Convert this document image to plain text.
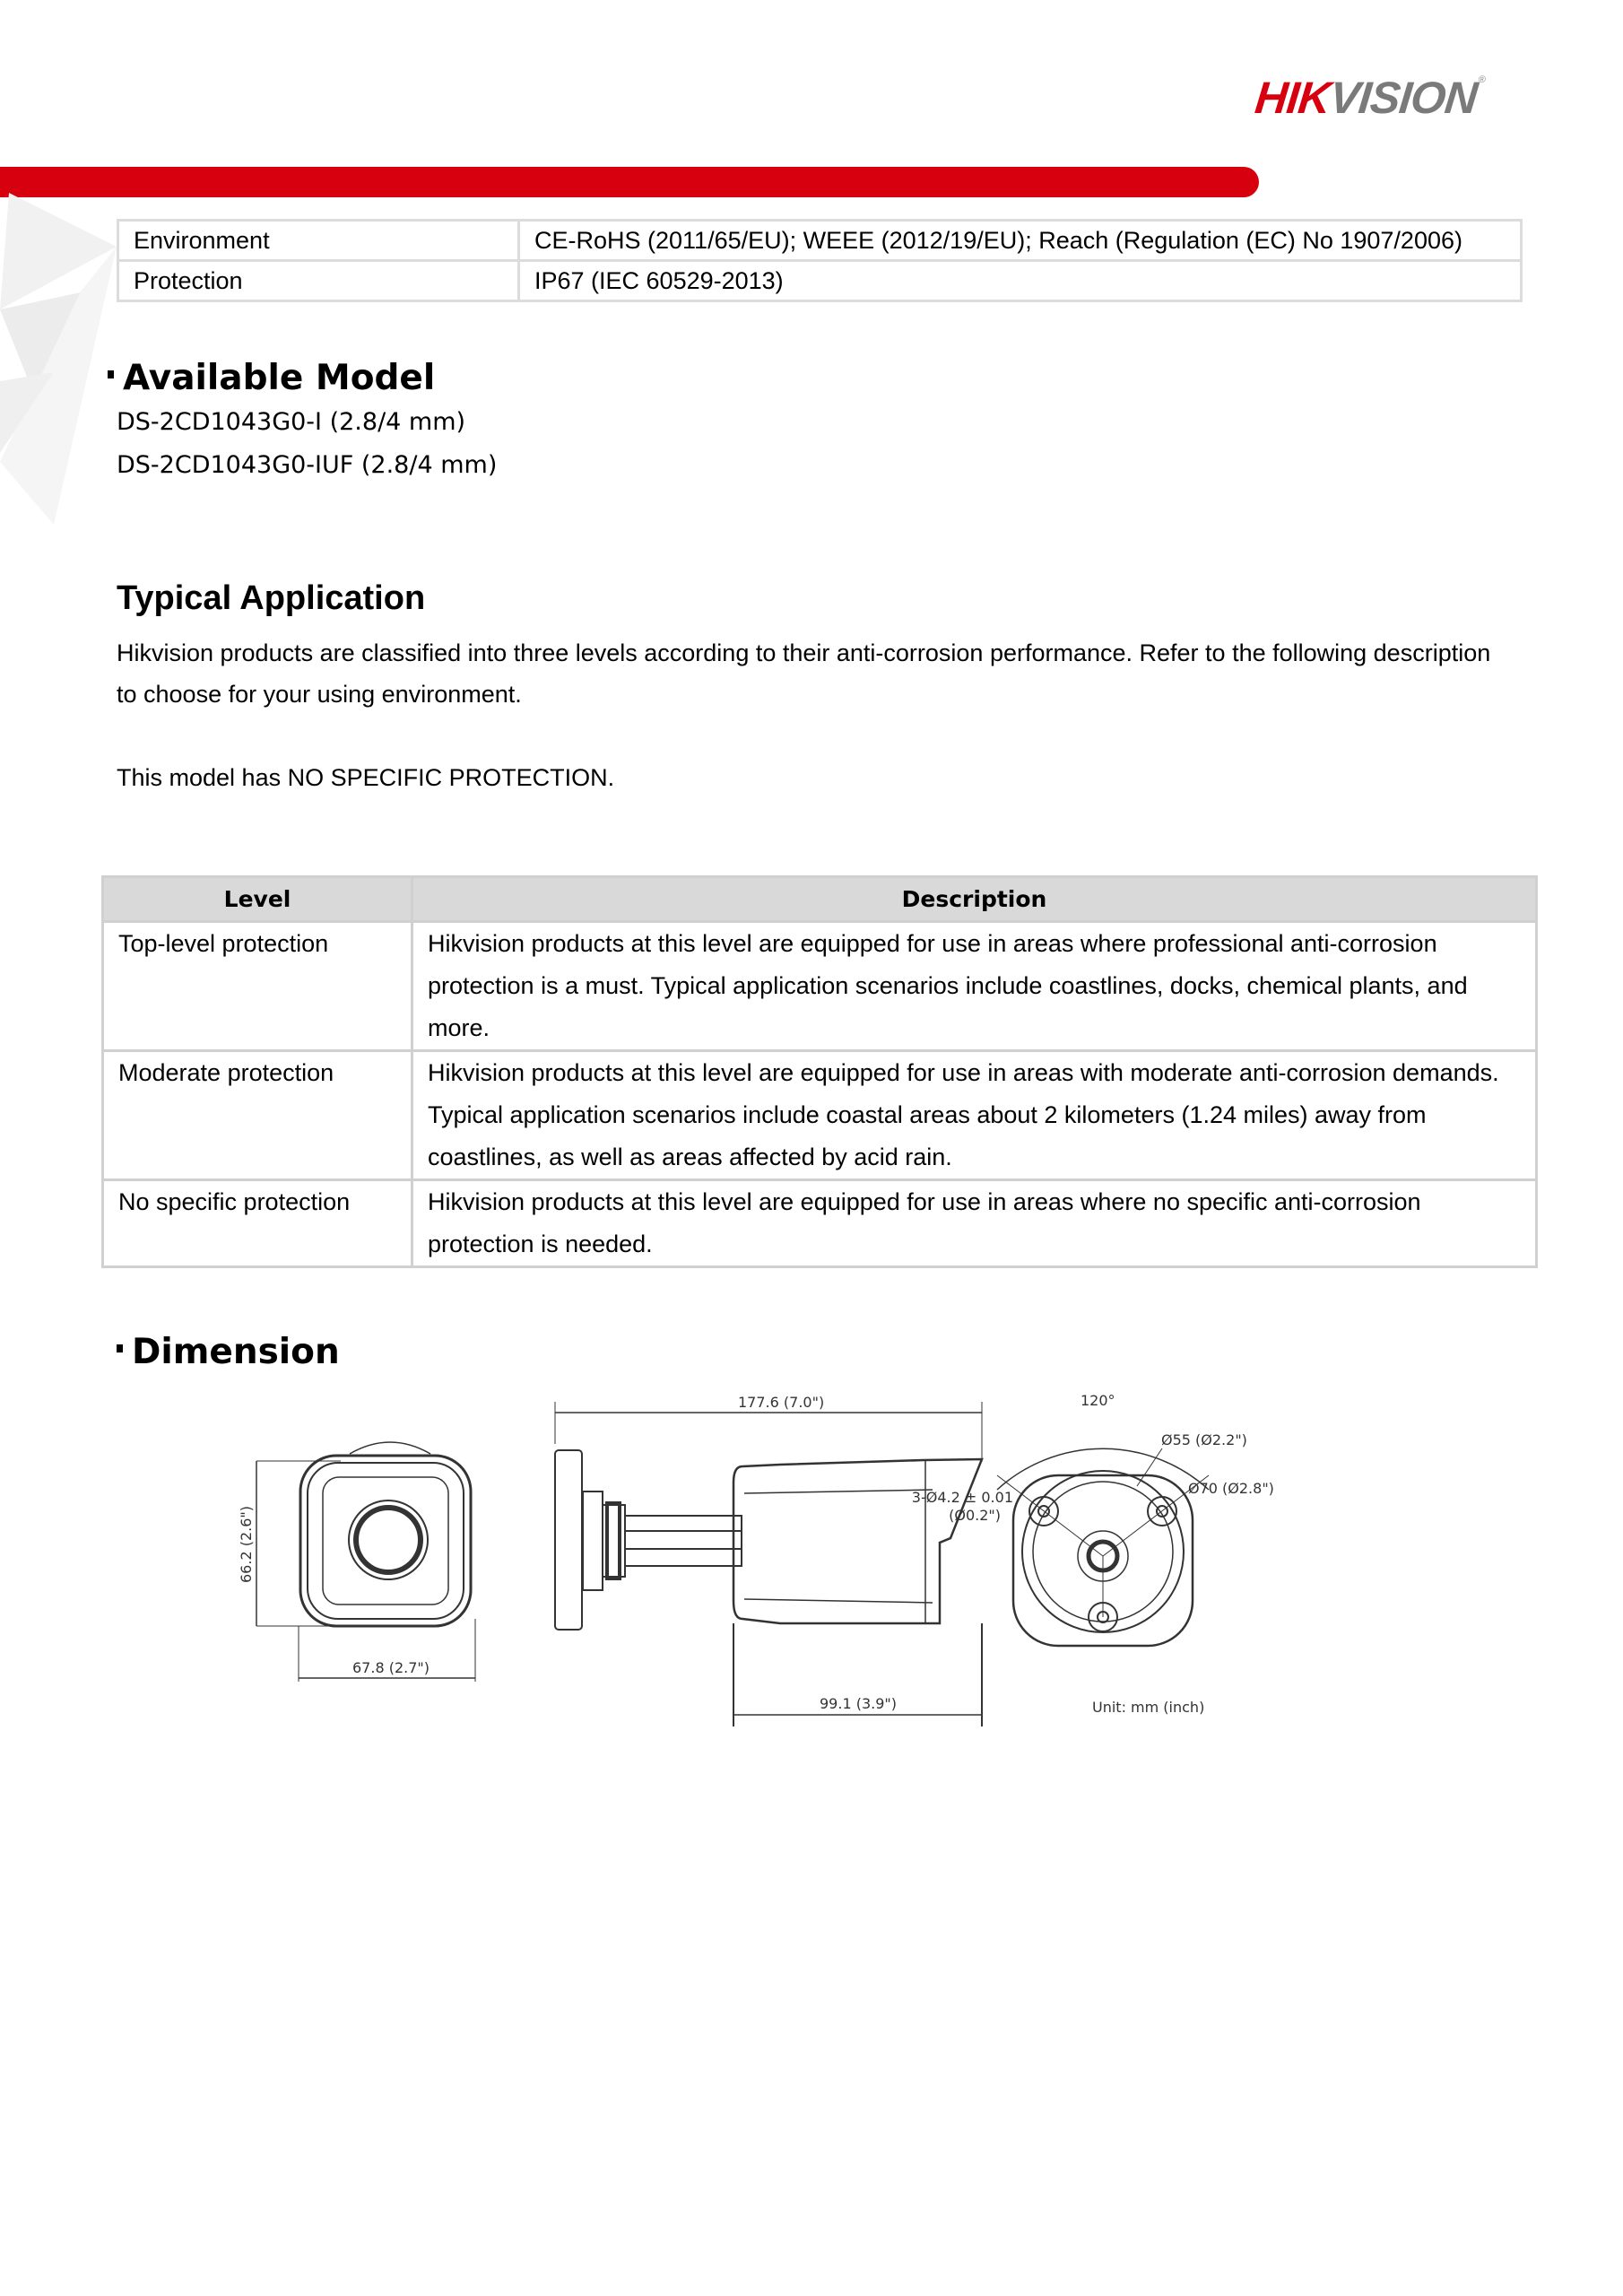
HIKVISION®
Environment	CE-RoHS (2011/65/EU); WEEE (2012/19/EU); Reach (Regulation (EC) No 1907/2006)
Protection	IP67 (IEC 60529-2013)
Available Model
DS-2CD1043G0-I (2.8/4 mm)
DS-2CD1043G0-IUF (2.8/4 mm)
Typical Application
Hikvision products are classified into three levels according to their anti-corrosion performance. Refer to the following description to choose for your using environment.
This model has NO SPECIFIC PROTECTION.
Level	Description
Top-level protection	Hikvision products at this level are equipped for use in areas where professional anti-corrosion protection is a must. Typical application scenarios include coastlines, docks, chemical plants, and more.
Moderate protection	Hikvision products at this level are equipped for use in areas with moderate anti-corrosion demands. Typical application scenarios include coastal areas about 2 kilometers (1.24 miles) away from coastlines, as well as areas affected by acid rain.
No specific protection	Hikvision products at this level are equipped for use in areas where no specific anti-corrosion protection is needed.
Dimension
66.2 (2.6")
67.8 (2.7")
177.6 (7.0")
99.1 (3.9")
120°
Ø55 (Ø2.2")
Ø70 (Ø2.8")
3-Ø4.2 ± 0.01
(Ø0.2")
Unit: mm (inch)
